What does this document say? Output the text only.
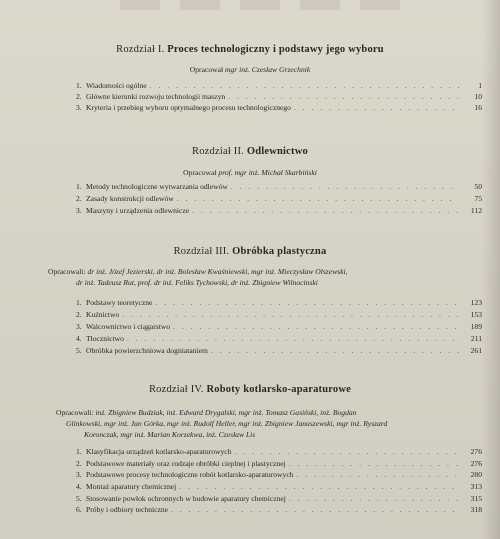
Rozdział I. Proces technologiczny i podstawy jego wyboru
Opracował mgr inż. Czesław Grzechnik
1. Wiadomości ogólne . . .	1
2. Główne kierunki rozwoju technologii maszyn . . .	10
3. Kryteria i przebieg wyboru optymalnego procesu technologicznego . . .	16
Rozdział II. Odlewnictwo
Opracował prof. mgr inż. Michał Skarbiński
1. Metody technologiczne wytwarzania odlewów . . .	50
2. Zasady konstrukcji odlewów . . .	75
3. Maszyny i urządzenia odlewnicze . . .	112
Rozdział III. Obróbka plastyczna
Opracowali: dr inż. Józef Jezierski, dr inż. Bolesław Kwaśniewski, mgr inż. Mieczysław Olszewski,
dr inż. Tadeusz Rut, prof. dr inż. Feliks Tychowski, dr inż. Zbigniew Wilnocinski
1. Podstawy teoretyczne . . .	123
2. Kuźnictwo . . .	153
3. Walcownictwo i ciągarstwo . . .	189
4. Tłocznictwo . . .	211
5. Obróbka powierzchniowa dogniataniem . . .	261
Rozdział IV. Roboty kotlarsko-aparaturowe
Opracowali: inż. Zbigniew Budziak, inż. Edward Drygalski, mgr inż. Tomasz Gasiński, inż. Bogdan
Glinkowski, mgr inż. Jan Górka, mgr inż. Rudolf Heller, mgr inż. Zbigniew Januszewski, mgr inż. Ryszard
Koronczak, mgr inż. Marian Korzekwa, inż. Czesław Lis
1. Klasyfikacja urządzeń kotlarsko-aparaturowych . . .	276
2. Podstawowe materiały oraz rodzaje obróbki cieplnej i plastycznej . . .	276
3. Podstawowe procesy technologiczne robót kotlarsko-aparaturowych . . .	280
4. Montaż aparatury chemicznej . . .	313
5. Stosowanie powłok ochronnych w budowie aparatury chemicznej . . .	315
6. Próby i odbiory techniczne . . .	318
